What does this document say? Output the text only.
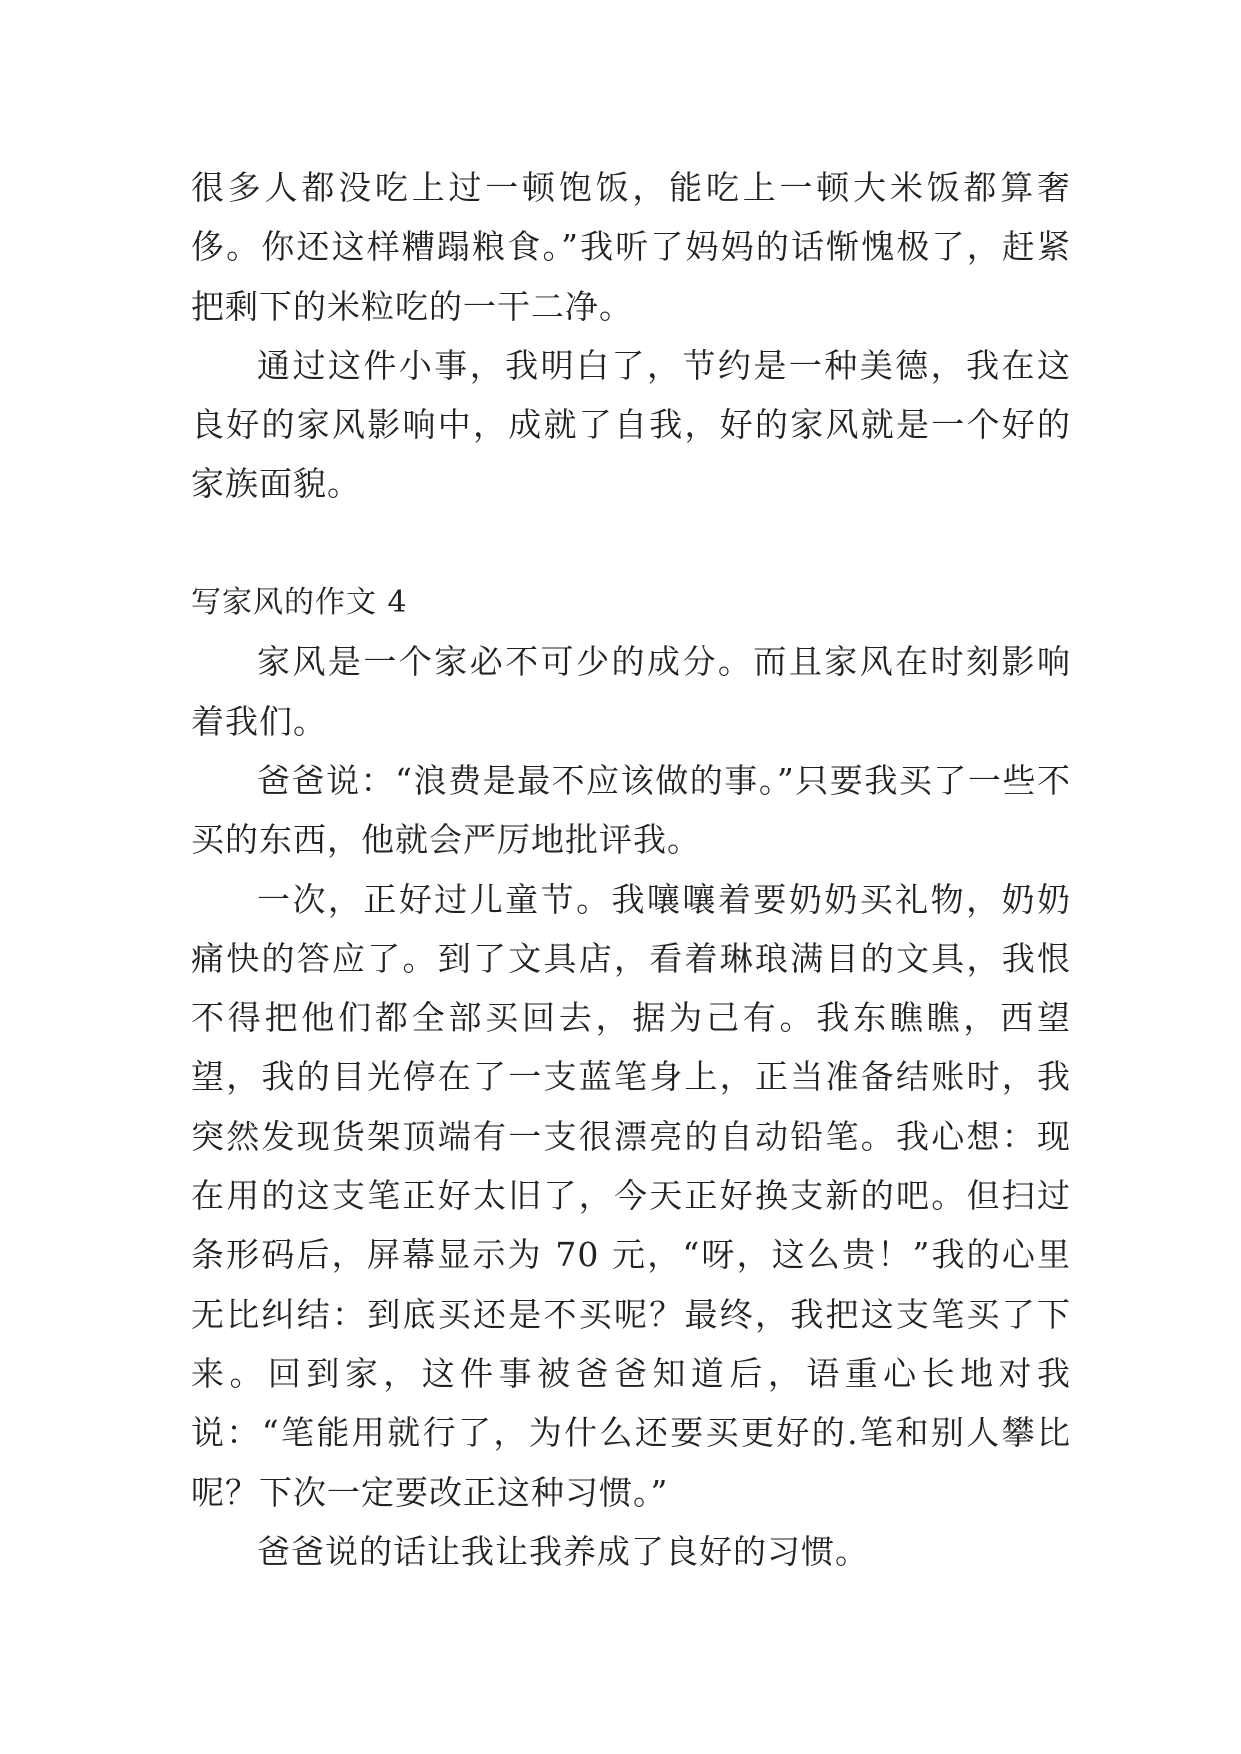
很多人都没吃上过一顿饱饭，能吃上一顿大米饭都算奢侈。你还这样糟蹋粮食。”我听了妈妈的话惭愧极了，赶紧把剩下的米粒吃的一干二净。

通过这件小事，我明白了，节约是一种美德，我在这良好的家风影响中，成就了自我，好的家风就是一个好的家族面貌。

写家风的作文 4

家风是一个家必不可少的成分。而且家风在时刻影响着我们。

爸爸说：“浪费是最不应该做的事。”只要我买了一些不买的东西，他就会严厉地批评我。

一次，正好过儿童节。我嚷嚷着要奶奶买礼物，奶奶痛快的答应了。到了文具店，看着琳琅满目的文具，我恨不得把他们都全部买回去，据为己有。我东瞧瞧，西望望，我的目光停在了一支蓝笔身上，正当准备结账时，我突然发现货架顶端有一支很漂亮的自动铅笔。我心想：现在用的这支笔正好太旧了，今天正好换支新的吧。但扫过条形码后，屏幕显示为 70 元，“呀，这么贵！”我的心里无比纠结：到底买还是不买呢？最终，我把这支笔买了下来。回到家，这件事被爸爸知道后，语重心长地对我说：“笔能用就行了，为什么还要买更好的.笔和别人攀比呢？下次一定要改正这种习惯。”

爸爸说的话让我让我养成了良好的习惯。
